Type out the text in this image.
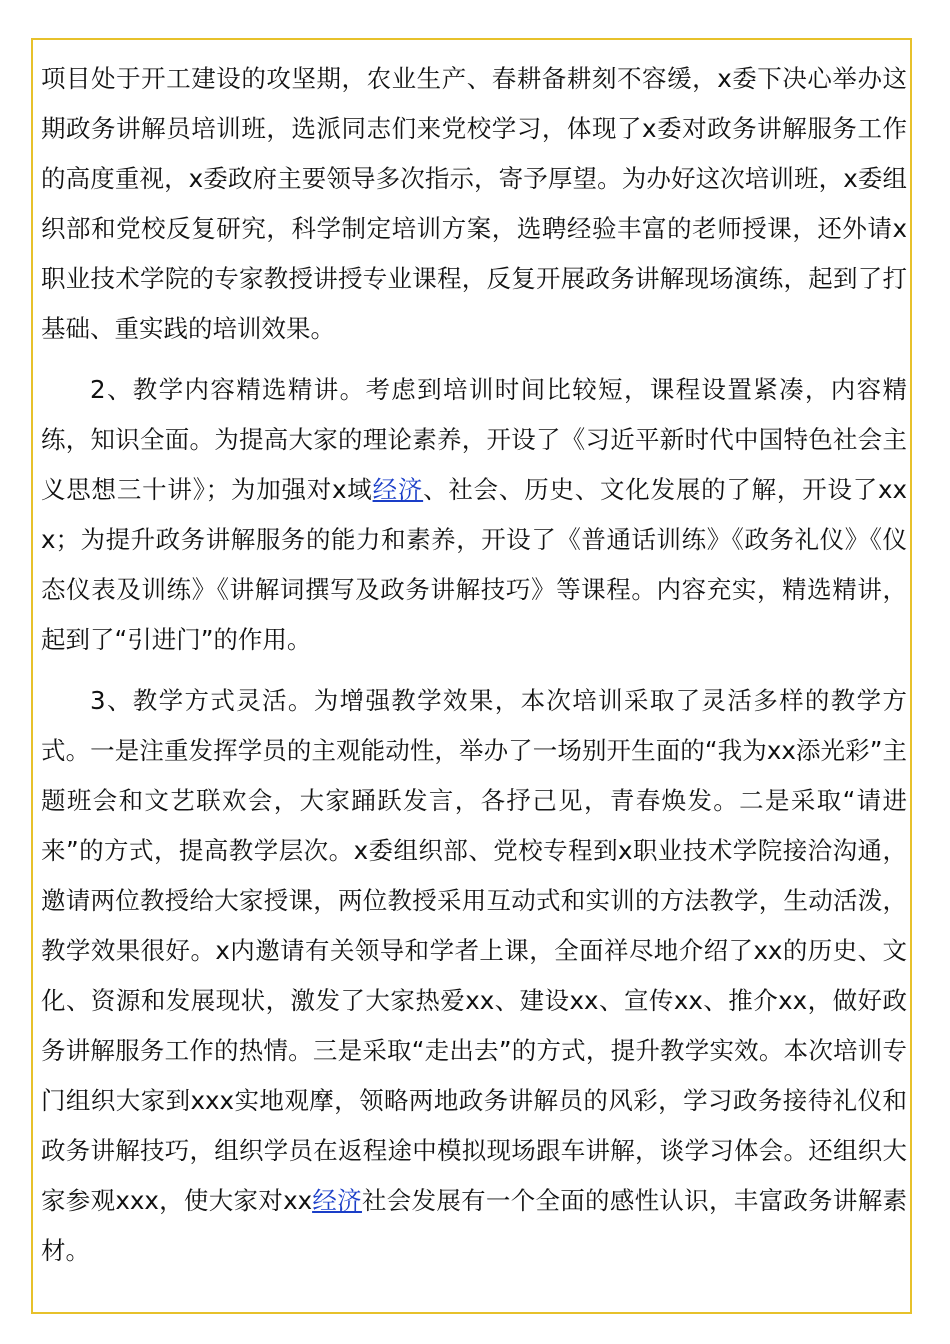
项目处于开工建设的攻坚期，农业生产、春耕备耕刻不容缓，x委下决心举办这期政务讲解员培训班，选派同志们来党校学习，体现了x委对政务讲解服务工作的高度重视，x委政府主要领导多次指示，寄予厚望。为办好这次培训班，x委组织部和党校反复研究，科学制定培训方案，选聘经验丰富的老师授课，还外请x职业技术学院的专家教授讲授专业课程，反复开展政务讲解现场演练，起到了打基础、重实践的培训效果。

2、教学内容精选精讲。考虑到培训时间比较短，课程设置紧凑，内容精练，知识全面。为提高大家的理论素养，开设了《习近平新时代中国特色社会主义思想三十讲》；为加强对x域经济、社会、历史、文化发展的了解，开设了xxx；为提升政务讲解服务的能力和素养，开设了《普通话训练》《政务礼仪》《仪态仪表及训练》《讲解词撰写及政务讲解技巧》等课程。内容充实，精选精讲，起到了“引进门”的作用。

3、教学方式灵活。为增强教学效果，本次培训采取了灵活多样的教学方式。一是注重发挥学员的主观能动性，举办了一场别开生面的“我为xx添光彩”主题班会和文艺联欢会，大家踊跃发言，各抒己见，青春焕发。二是采取“请进来”的方式，提高教学层次。x委组织部、党校专程到x职业技术学院接洽沟通，邀请两位教授给大家授课，两位教授采用互动式和实训的方法教学，生动活泼，教学效果很好。x内邀请有关领导和学者上课，全面祥尽地介绍了xx的历史、文化、资源和发展现状，激发了大家热爱xx、建设xx、宣传xx、推介xx，做好政务讲解服务工作的热情。三是采取“走出去”的方式，提升教学实效。本次培训专门组织大家到xxx实地观摩，领略两地政务讲解员的风彩，学习政务接待礼仪和政务讲解技巧，组织学员在返程途中模拟现场跟车讲解，谈学习体会。还组织大家参观xxx，使大家对xx经济社会发展有一个全面的感性认识，丰富政务讲解素材。
